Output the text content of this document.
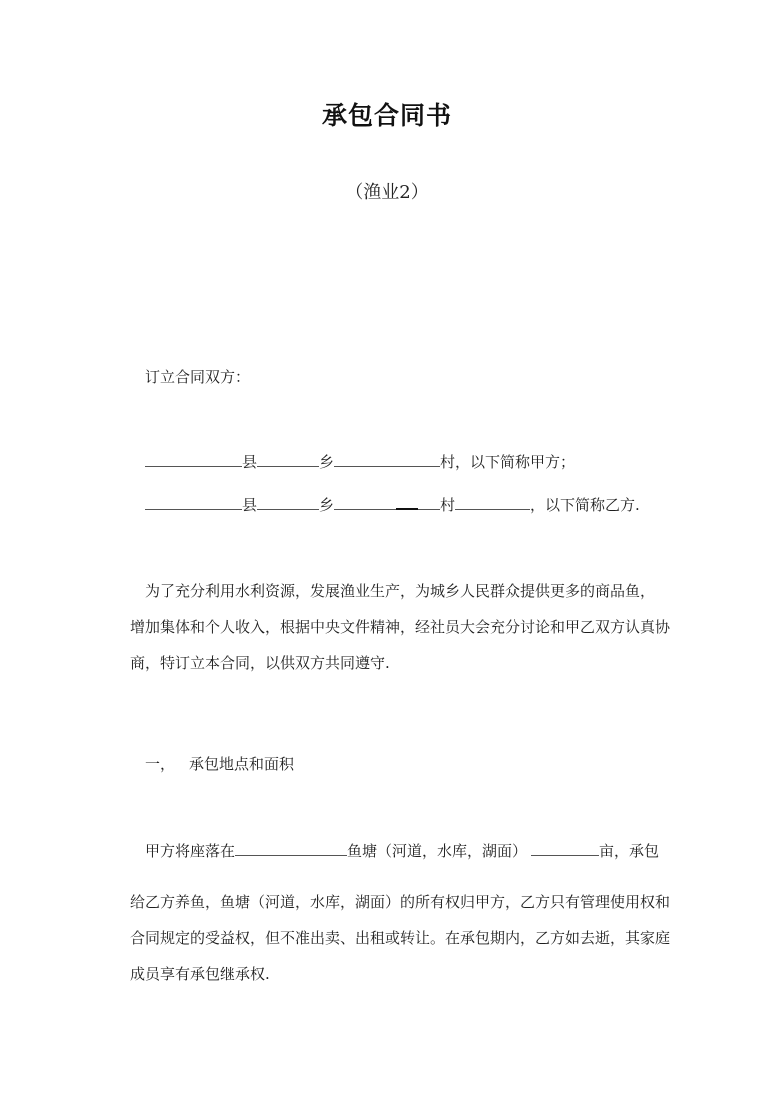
承包合同书
（渔业2）
订立合同双方：
县	乡	村，以下简称甲方；
县	乡	村	，以下简称乙方.
为了充分利用水利资源，发展渔业生产，为城乡人民群众提供更多的商品鱼，
增加集体和个人收入，根据中央文件精神，经社员大会充分讨论和甲乙双方认真协
商，特订立本合同，以供双方共同遵守.
一， 承包地点和面积
甲方将座落在	鱼塘（河道，水库，湖面）	亩，承包
给乙方养鱼，鱼塘（河道，水库，湖面）的所有权归甲方，乙方只有管理使用权和
合同规定的受益权，但不准出卖、出租或转让。在承包期内，乙方如去逝，其家庭
成员享有承包继承权.
